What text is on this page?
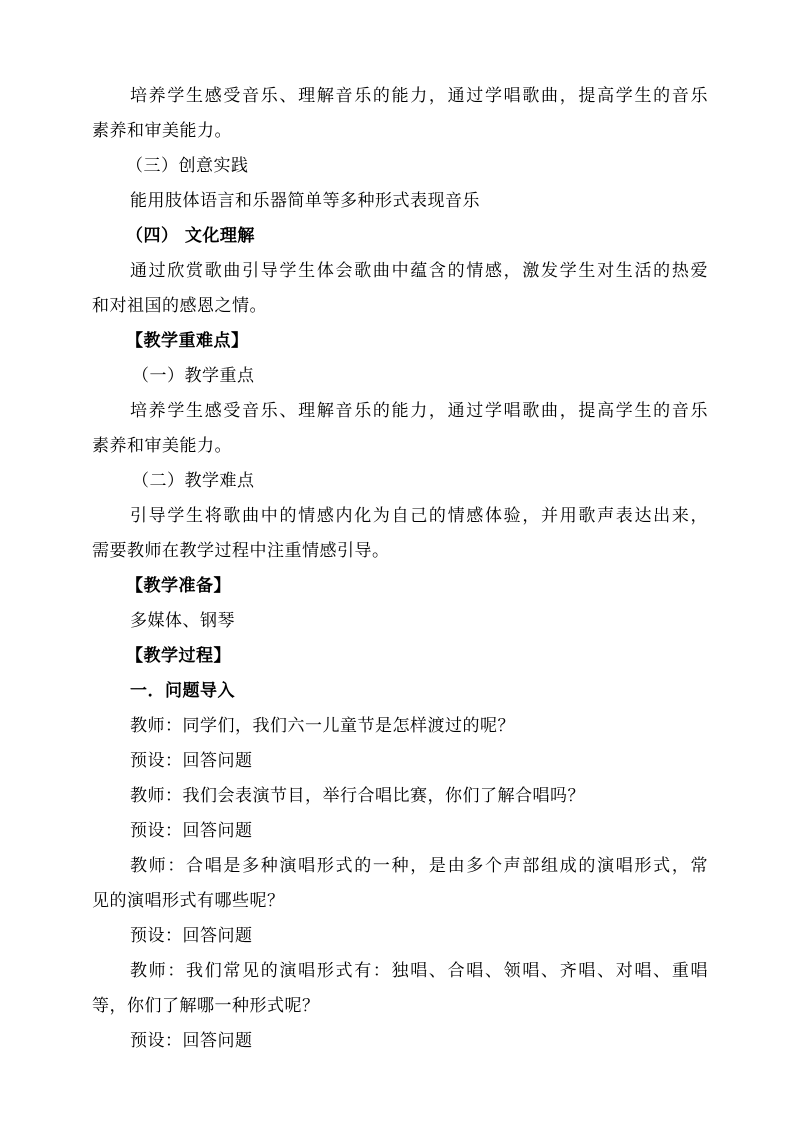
培养学生感受音乐、理解音乐的能力，通过学唱歌曲，提高学生的音乐
素养和审美能力。
（三）创意实践
能用肢体语言和乐器简单等多种形式表现音乐
（四） 文化理解
通过欣赏歌曲引导学生体会歌曲中蕴含的情感，激发学生对生活的热爱
和对祖国的感恩之情。
【教学重难点】
（一）教学重点
培养学生感受音乐、理解音乐的能力，通过学唱歌曲，提高学生的音乐
素养和审美能力。
（二）教学难点
引导学生将歌曲中的情感内化为自己的情感体验，并用歌声表达出来，
需要教师在教学过程中注重情感引导。
【教学准备】
多媒体、钢琴
【教学过程】
一．问题导入
教师：同学们，我们六一儿童节是怎样渡过的呢？
预设：回答问题
教师：我们会表演节目，举行合唱比赛，你们了解合唱吗？
预设：回答问题
教师：合唱是多种演唱形式的一种，是由多个声部组成的演唱形式，常
见的演唱形式有哪些呢？
预设：回答问题
教师：我们常见的演唱形式有：独唱、合唱、领唱、齐唱、对唱、重唱
等，你们了解哪一种形式呢？
预设：回答问题
